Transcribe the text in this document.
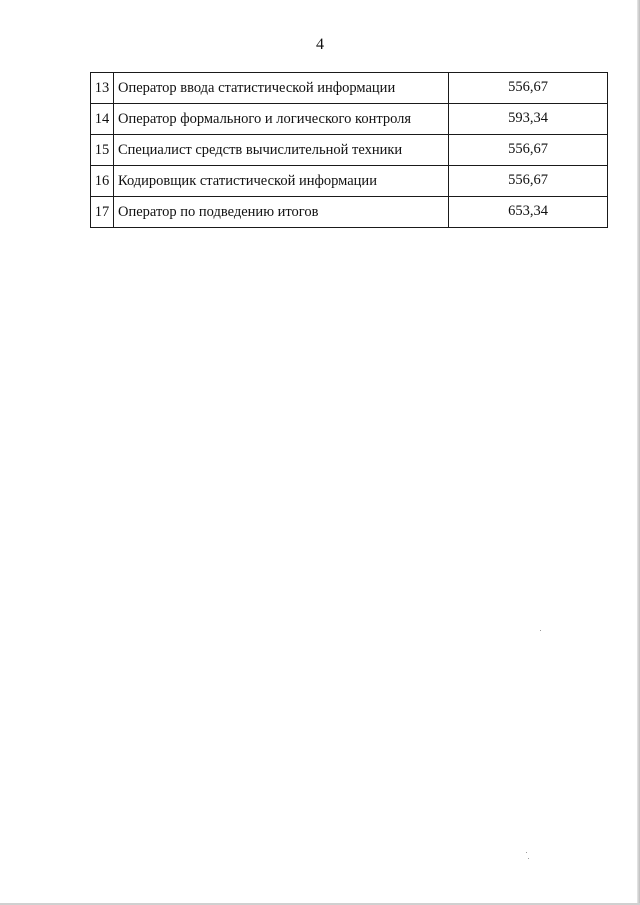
4
13	Оператор ввода статистической информации	556,67
14	Оператор формального и логического контроля	593,34
15	Специалист средств вычислительной техники	556,67
16	Кодировщик статистической информации	556,67
17	Оператор по подведению итогов	653,34
